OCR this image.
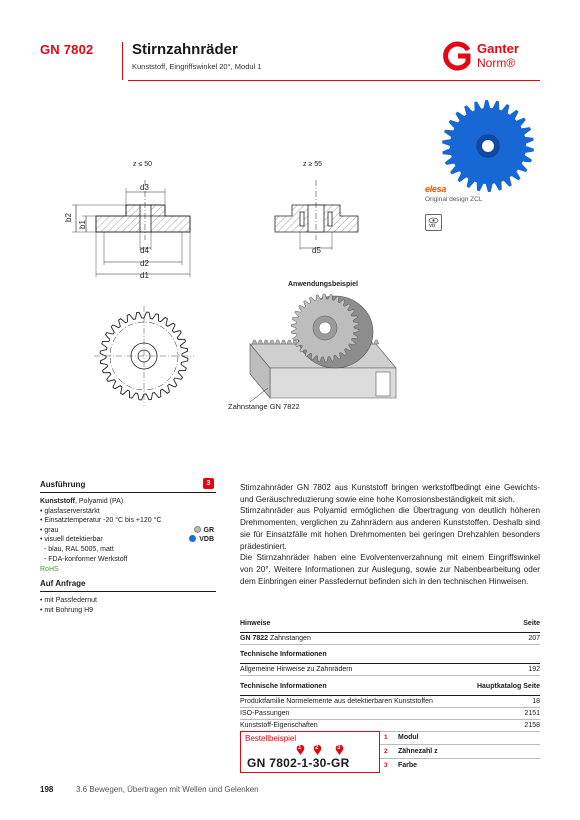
GN 7802	Stirnzahnräder
Kunststoff, Eingriffswinkel 20°, Modul 1
Ganter
Norm®
z ≤ 50	z ≥ 55
d3
d4
d2
d1
d5
b2
b1
Anwendungsbeispiel
Zahnstange GN 7822
elesa
Original design ZCL
VD
Ausführung	3
Kunststoff, Polyamid (PA)
• glasfaserverstärkt
• Einsatztemperatur -20 °C bis +120 °C
• grau	GR
• visuell detektierbar	VDB
- blau, RAL 5005, matt
- FDA-konformer Werkstoff
RoHS
Auf Anfrage
• mit Passfedernut
• mit Bohrung H9

Stirnzahnräder GN 7802 aus Kunststoff bringen werkstoffbedingt eine Gewichts- und Geräuschreduzierung sowie eine hohe Korrosionsbeständigkeit mit sich.

Stirnzahnräder aus Polyamid ermöglichen die Übertragung von deutlich höheren Drehmomenten, verglichen zu Zahnrädern aus anderen Kunststoffen. Deshalb sind sie für Einsatzfälle mit hohen Drehmomenten bei geringen Drehzahlen besonders prädestiniert.

Die Stirnzahnräder haben eine Evolventenverzahnung mit einem Eingriffswinkel von 20°. Weitere Informationen zur Auslegung, sowie zur Nabenbearbeitung oder dem Einbringen einer Passfedernut befinden sich in den technischen Hinweisen.

Hinweise	Seite
GN 7822 Zahnstangen	207
Technische Informationen
Allgemeine Hinweise zu Zahnrädern	192
Technische Informationen	Hauptkatalog Seite
Produktfamilie Normelemente aus detektierbaren Kunststoffen	18
ISO-Passungen	2151
Kunststoff-Eigenschaften	2158
Bestellbeispiel
1 2	3
GN 7802-1-30-GR
1 Modul
2 Zähnezahl z
3 Farbe
198	3.6 Bewegen, Übertragen mit Wellen und Gelenken
